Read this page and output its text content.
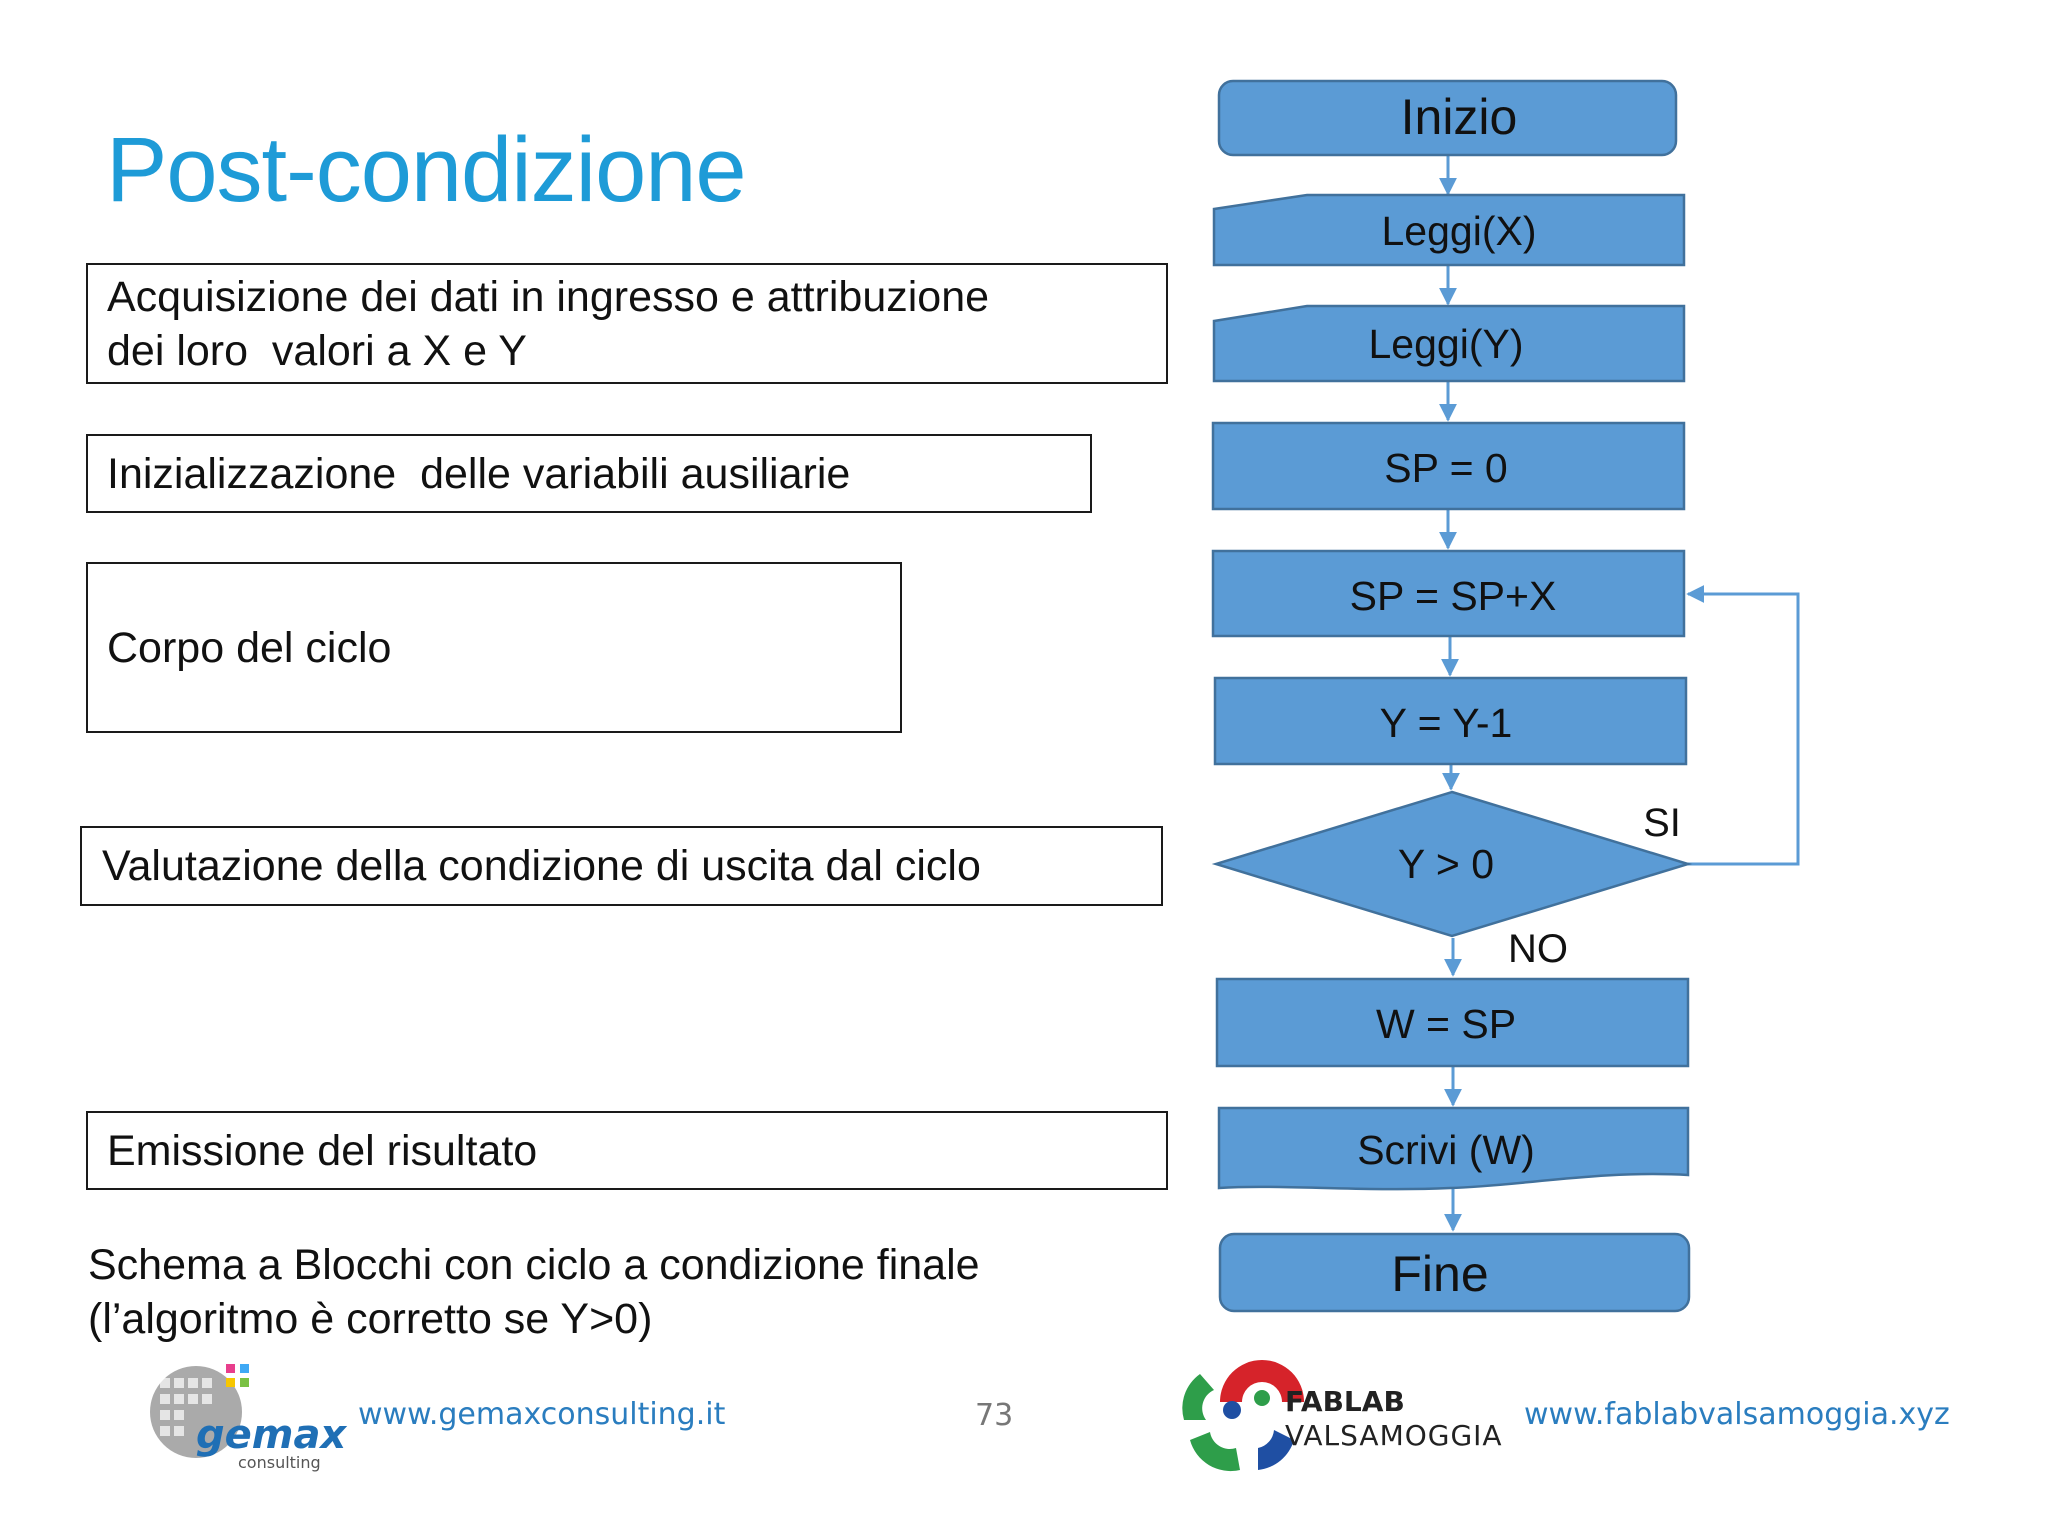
Post-condizione
Acquisizione dei dati in ingresso e attribuzione
dei loro  valori a X e Y
Inizializzazione  delle variabili ausiliarie
Corpo del ciclo
Valutazione della condizione di uscita dal ciclo
Emissione del risultato
Schema a Blocchi con ciclo a condizione finale
(l’algoritmo è corretto se Y>0)
Inizio
Leggi(X)
Leggi(Y)
SP = 0
SP = SP+X
Y = Y-1
Y > 0
SI
NO
W = SP
Scrivi (W)
Fine
gemax
consulting
www.gemaxconsulting.it	73	FABLAB
VALSAMOGGIA
www.fablabvalsamoggia.xyz
